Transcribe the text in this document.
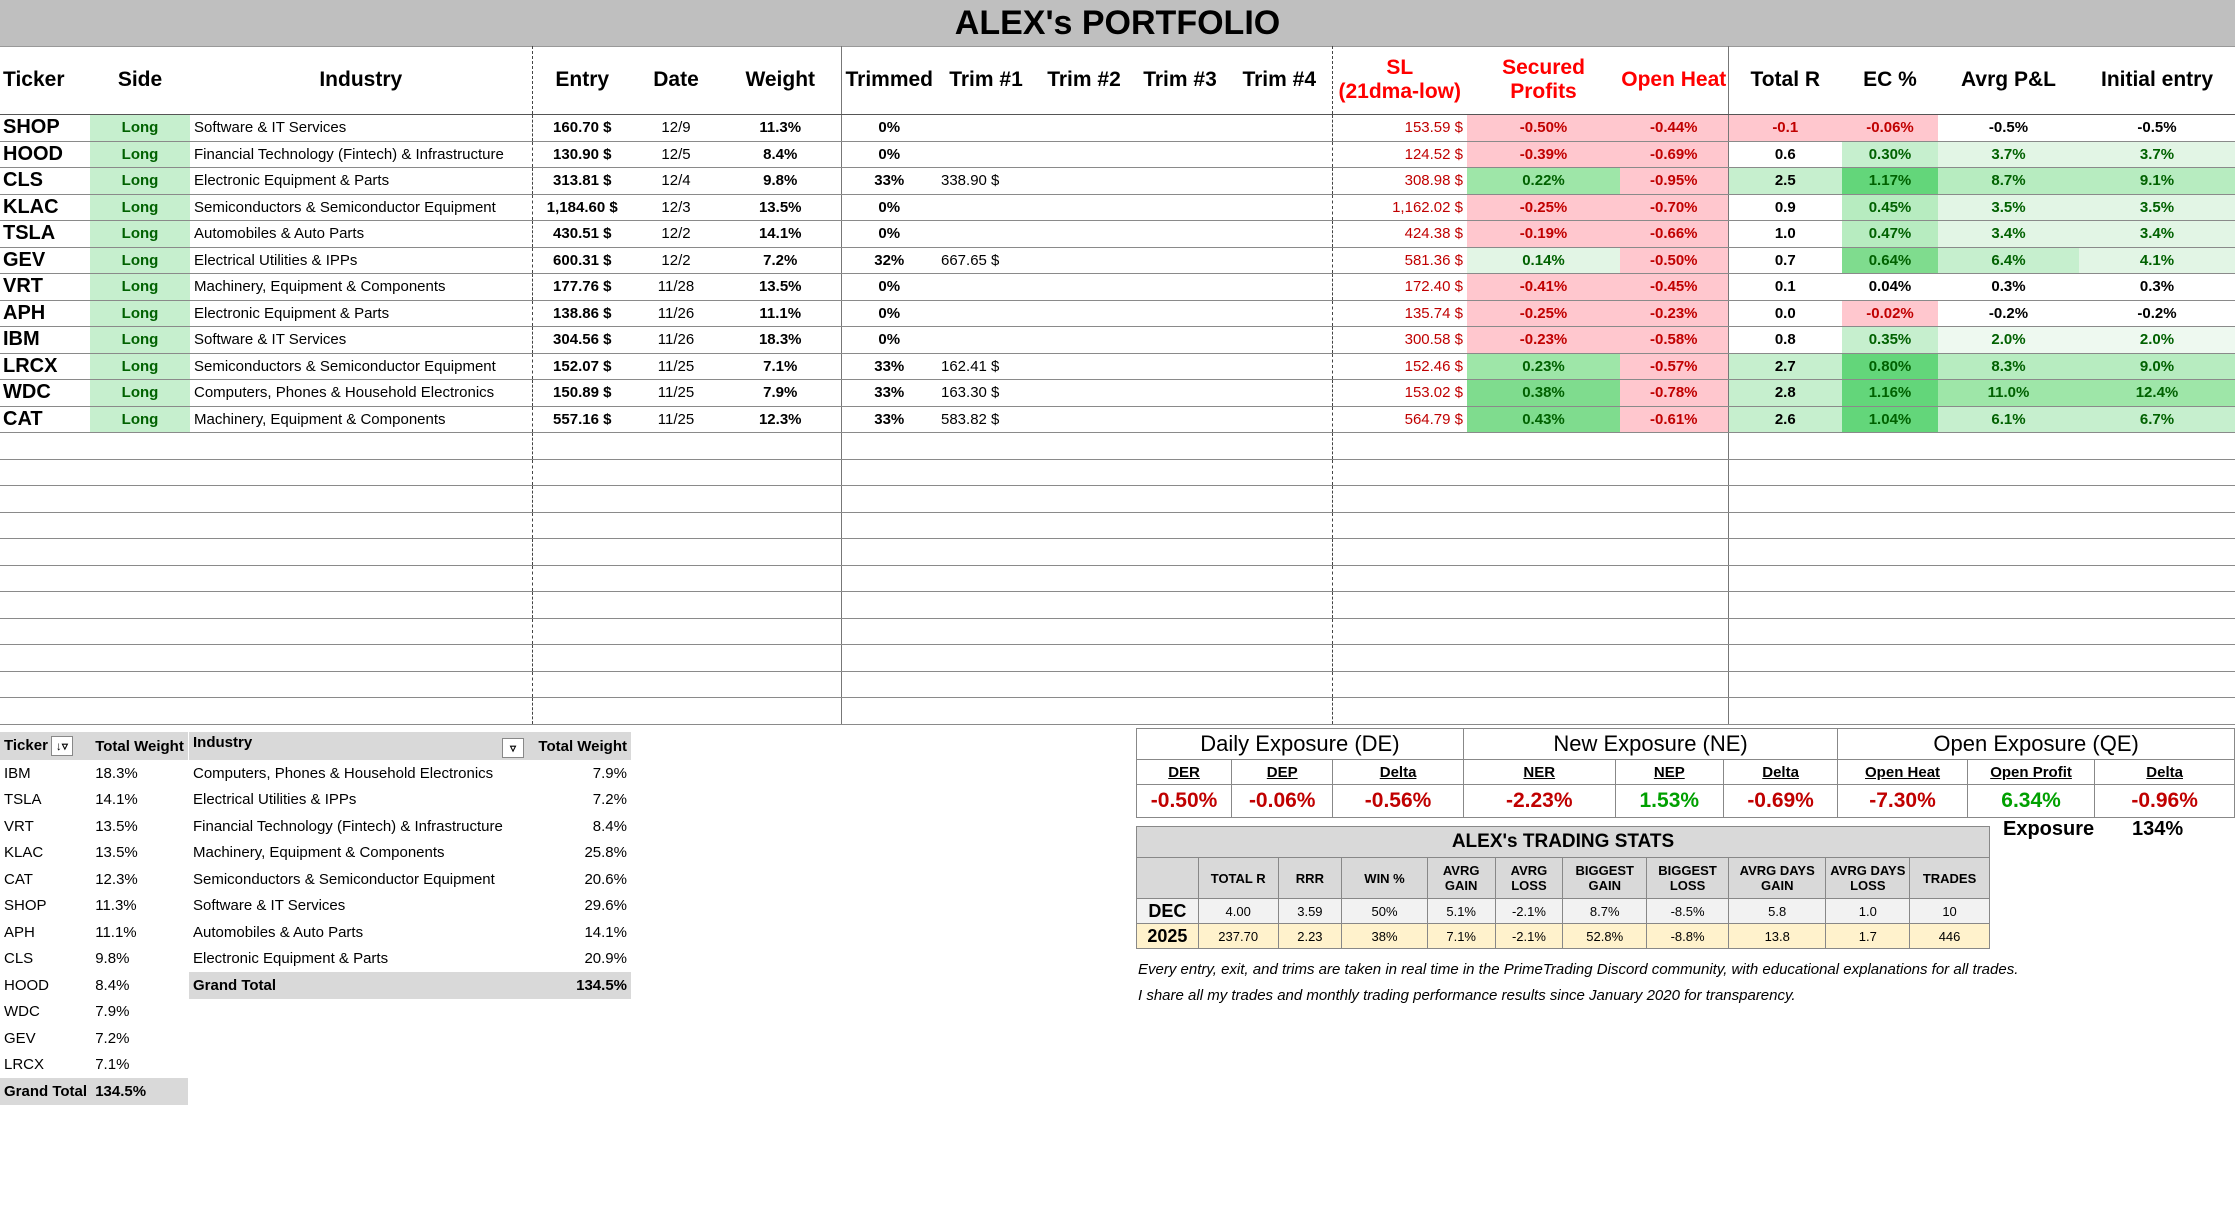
ALEX's PORTFOLIO
Ticker	Side	Industry	Entry	Date	Weight	Trimmed	Trim #1	Trim #2	Trim #3	Trim #4	SL
(21dma-low)	Secured Profits	Open Heat	Total R	EC %	Avrg P&L	Initial entry
SHOP	Long	Software & IT Services	160.70 $	12/9	11.3%	0%					153.59 $	-0.50%	-0.44%	-0.1	-0.06%	-0.5%	-0.5%
HOOD	Long	Financial Technology (Fintech) & Infrastructure	130.90 $	12/5	8.4%	0%					124.52 $	-0.39%	-0.69%	0.6	0.30%	3.7%	3.7%
CLS	Long	Electronic Equipment & Parts	313.81 $	12/4	9.8%	33%	338.90 $				308.98 $	0.22%	-0.95%	2.5	1.17%	8.7%	9.1%
KLAC	Long	Semiconductors & Semiconductor Equipment	1,184.60 $	12/3	13.5%	0%					1,162.02 $	-0.25%	-0.70%	0.9	0.45%	3.5%	3.5%
TSLA	Long	Automobiles & Auto Parts	430.51 $	12/2	14.1%	0%					424.38 $	-0.19%	-0.66%	1.0	0.47%	3.4%	3.4%
GEV	Long	Electrical Utilities & IPPs	600.31 $	12/2	7.2%	32%	667.65 $				581.36 $	0.14%	-0.50%	0.7	0.64%	6.4%	4.1%
VRT	Long	Machinery, Equipment & Components	177.76 $	11/28	13.5%	0%					172.40 $	-0.41%	-0.45%	0.1	0.04%	0.3%	0.3%
APH	Long	Electronic Equipment & Parts	138.86 $	11/26	11.1%	0%					135.74 $	-0.25%	-0.23%	0.0	-0.02%	-0.2%	-0.2%
IBM	Long	Software & IT Services	304.56 $	11/26	18.3%	0%					300.58 $	-0.23%	-0.58%	0.8	0.35%	2.0%	2.0%
LRCX	Long	Semiconductors & Semiconductor Equipment	152.07 $	11/25	7.1%	33%	162.41 $				152.46 $	0.23%	-0.57%	2.7	0.80%	8.3%	9.0%
WDC	Long	Computers, Phones & Household Electronics	150.89 $	11/25	7.9%	33%	163.30 $				153.02 $	0.38%	-0.78%	2.8	1.16%	11.0%	12.4%
CAT	Long	Machinery, Equipment & Components	557.16 $	11/25	12.3%	33%	583.82 $				564.79 $	0.43%	-0.61%	2.6	1.04%	6.1%	6.7%

Ticker ↓▿	Total Weight
IBM	18.3%
TSLA	14.1%
VRT	13.5%
KLAC	13.5%
CAT	12.3%
SHOP	11.3%
APH	11.1%
CLS	9.8%
HOOD	8.4%
WDC	7.9%
GEV	7.2%
LRCX	7.1%
Grand Total	134.5%
Industry ▿	Total Weight
Computers, Phones & Household Electronics	7.9%
Electrical Utilities & IPPs	7.2%
Financial Technology (Fintech) & Infrastructure	8.4%
Machinery, Equipment & Components	25.8%
Semiconductors & Semiconductor Equipment	20.6%
Software & IT Services	29.6%
Automobiles & Auto Parts	14.1%
Electronic Equipment & Parts	20.9%
Grand Total	134.5%
Daily Exposure (DE)			New Exposure (NE)			Open Exposure (QE)		
DER	DEP	Delta	NER	NEP	Delta	Open Heat	Open Profit	Delta
-0.50%	-0.06%	-0.56%	-2.23%	1.53%	-0.69%	-7.30%	6.34%	-0.96%
Exposure 134%
ALEX's TRADING STATS										
	TOTAL R	RRR	WIN %	AVRG GAIN	AVRG LOSS	BIGGEST GAIN	BIGGEST LOSS	AVRG DAYS GAIN	AVRG DAYS LOSS	TRADES
DEC	4.00	3.59	50%	5.1%	-2.1%	8.7%	-8.5%	5.8	1.0	10
2025	237.70	2.23	38%	7.1%	-2.1%	52.8%	-8.8%	13.8	1.7	446
Every entry, exit, and trims are taken in real time in the PrimeTrading Discord community, with educational explanations for all trades.
I share all my trades and monthly trading performance results since January 2020 for transparency.
